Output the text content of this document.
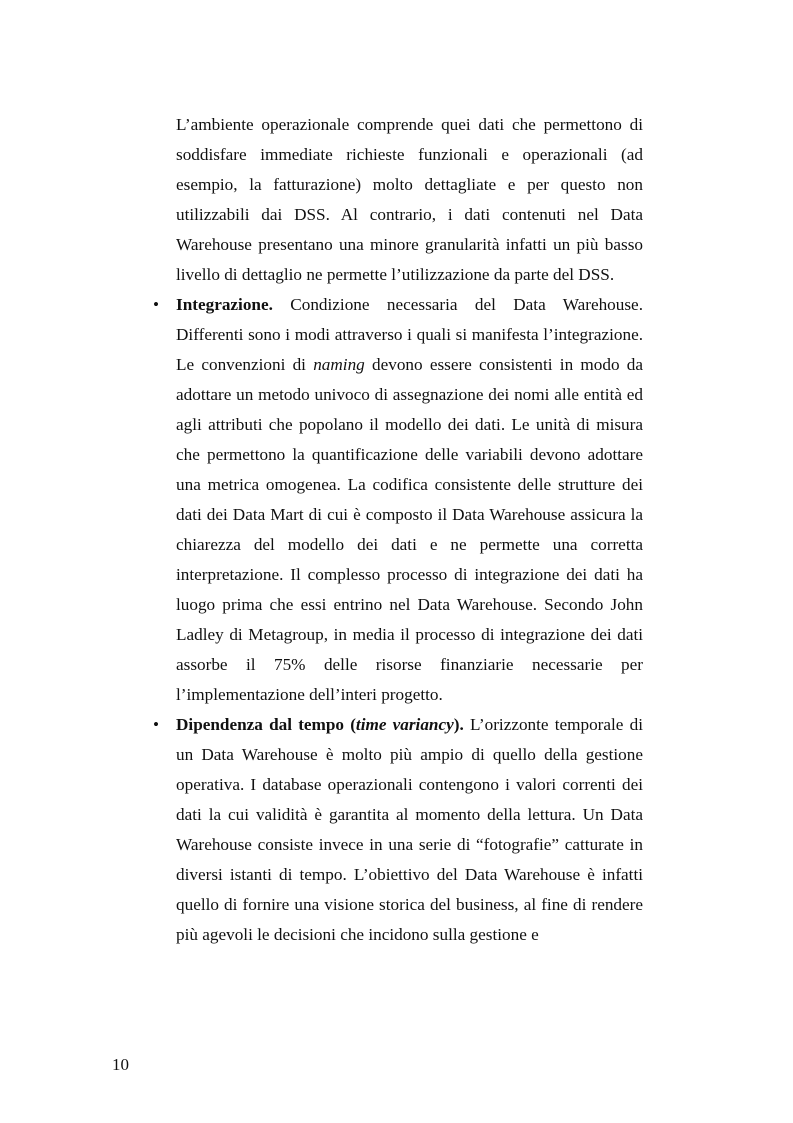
L’ambiente operazionale comprende quei dati che permettono di soddisfare immediate richieste funzionali e operazionali (ad esempio, la fatturazione) molto dettagliate e per questo non utilizzabili dai DSS. Al contrario, i dati contenuti nel Data Warehouse presentano una minore granularità infatti un più basso livello di dettaglio ne permette l’utilizzazione da parte del DSS.

• Integrazione. Condizione necessaria del Data Warehouse. Differenti sono i modi attraverso i quali si manifesta l’integrazione. Le convenzioni di naming devono essere consistenti in modo da adottare un metodo univoco di assegnazione dei nomi alle entità ed agli attributi che popolano il modello dei dati. Le unità di misura che permettono la quantificazione delle variabili devono adottare una metrica omogenea. La codifica consistente delle strutture dei dati dei Data Mart di cui è composto il Data Warehouse assicura la chiarezza del modello dei dati e ne permette una corretta interpretazione. Il complesso processo di integrazione dei dati ha luogo prima che essi entrino nel Data Warehouse. Secondo John Ladley di Metagroup, in media il processo di integrazione dei dati assorbe il 75% delle risorse finanziarie necessarie per l’implementazione dell’interi progetto.

• Dipendenza dal tempo (time variancy). L’orizzonte temporale di un Data Warehouse è molto più ampio di quello della gestione operativa. I database operazionali contengono i valori correnti dei dati la cui validità è garantita al momento della lettura. Un Data Warehouse consiste invece in una serie di “fotografie” catturate in diversi istanti di tempo. L’obiettivo del Data Warehouse è infatti quello di fornire una visione storica del business, al fine di rendere più agevoli le decisioni che incidono sulla gestione e

10
